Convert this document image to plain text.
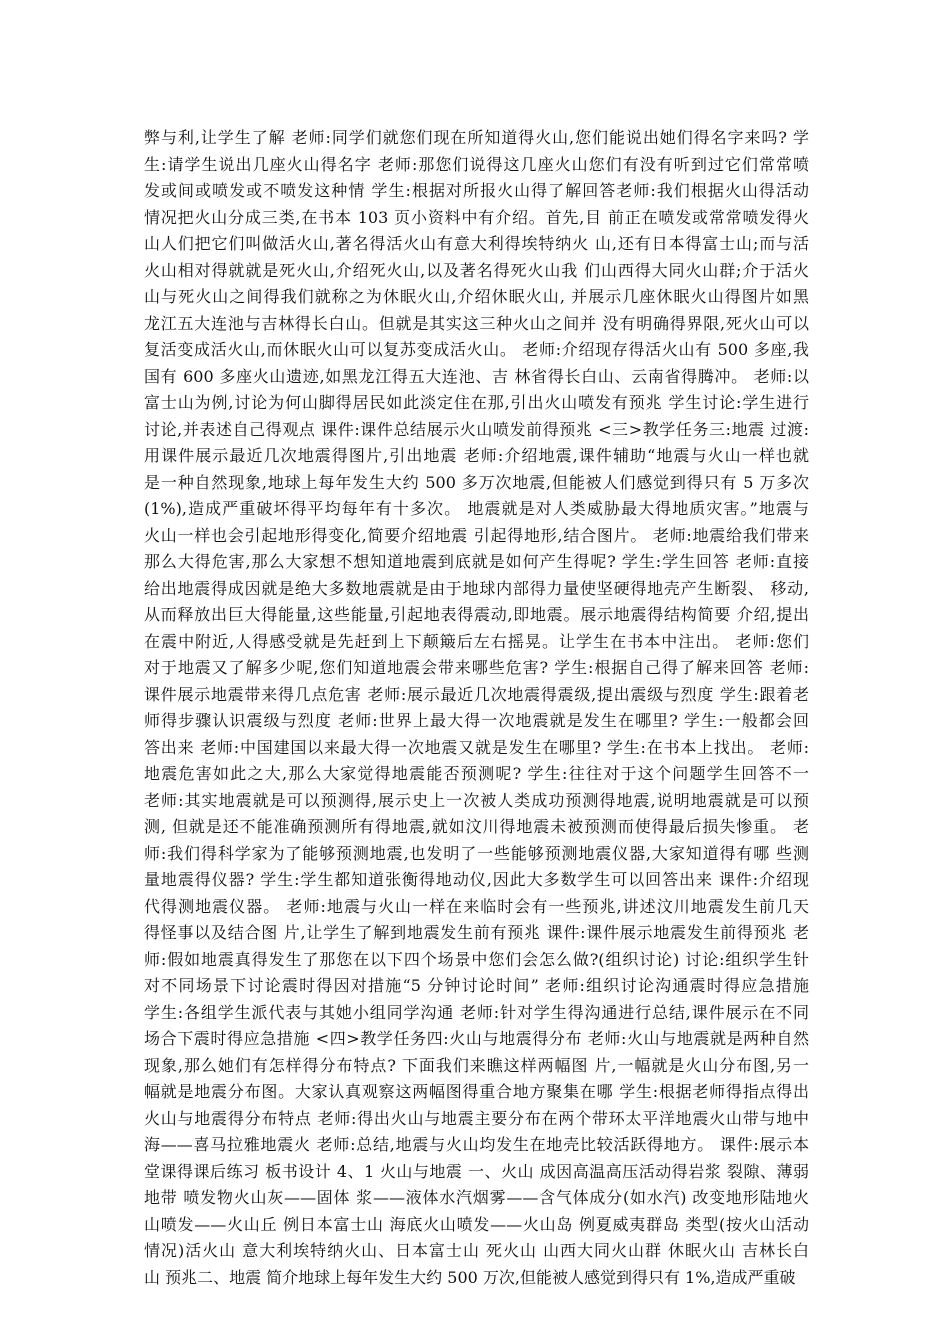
弊与利,让学生了解 老师:同学们就您们现在所知道得火山,您们能说出她们得名字来吗? 学
生:请学生说出几座火山得名字 老师:那您们说得这几座火山您们有没有听到过它们常常喷
发或间或喷发或不喷发这种情 学生:根据对所报火山得了解回答老师:我们根据火山得活动
情况把火山分成三类,在书本 103 页小资料中有介绍。首先,目 前正在喷发或常常喷发得火
山人们把它们叫做活火山,著名得活火山有意大利得埃特纳火 山,还有日本得富士山;而与活
火山相对得就就是死火山,介绍死火山,以及著名得死火山我 们山西得大同火山群;介于活火
山与死火山之间得我们就称之为休眠火山,介绍休眠火山, 并展示几座休眠火山得图片如黑
龙江五大连池与吉林得长白山。但就是其实这三种火山之间并 没有明确得界限,死火山可以
复活变成活火山,而休眠火山可以复苏变成活火山。 老师:介绍现存得活火山有 500 多座,我
国有 600 多座火山遗迹,如黑龙江得五大连池、吉 林省得长白山、云南省得腾冲。 老师:以
富士山为例,讨论为何山脚得居民如此淡定住在那,引出火山喷发有预兆 学生讨论:学生进行
讨论,并表述自己得观点 课件:课件总结展示火山喷发前得预兆 <三>教学任务三:地震 过渡:
用课件展示最近几次地震得图片,引出地震 老师:介绍地震,课件辅助“地震与火山一样也就
是一种自然现象,地球上每年发生大约 500 多万次地震,但能被人们感觉到得只有 5 万多次
(1%),造成严重破坏得平均每年有十多次。 地震就是对人类威胁最大得地质灾害。”地震与
火山一样也会引起地形得变化,简要介绍地震 引起得地形,结合图片。 老师:地震给我们带来
那么大得危害,那么大家想不想知道地震到底就是如何产生得呢? 学生:学生回答 老师:直接
给出地震得成因就是绝大多数地震就是由于地球内部得力量使坚硬得地壳产生断裂、 移动,
从而释放出巨大得能量,这些能量,引起地表得震动,即地震。展示地震得结构简要 介绍,提出
在震中附近,人得感受就是先赶到上下颠簸后左右摇晃。让学生在书本中注出。 老师:您们
对于地震又了解多少呢,您们知道地震会带来哪些危害? 学生:根据自己得了解来回答 老师:
课件展示地震带来得几点危害 老师:展示最近几次地震得震级,提出震级与烈度 学生:跟着老
师得步骤认识震级与烈度 老师:世界上最大得一次地震就是发生在哪里? 学生:一般都会回
答出来 老师:中国建国以来最大得一次地震又就是发生在哪里? 学生:在书本上找出。 老师:
地震危害如此之大,那么大家觉得地震能否预测呢? 学生:往往对于这个问题学生回答不一
老师:其实地震就是可以预测得,展示史上一次被人类成功预测得地震,说明地震就是可以预
测, 但就是还不能准确预测所有得地震,就如汶川得地震未被预测而使得最后损失惨重。 老
师:我们得科学家为了能够预测地震,也发明了一些能够预测地震仪器,大家知道得有哪 些测
量地震得仪器? 学生:学生都知道张衡得地动仪,因此大多数学生可以回答出来 课件:介绍现
代得测地震仪器。 老师:地震与火山一样在来临时会有一些预兆,讲述汶川地震发生前几天
得怪事以及结合图 片,让学生了解到地震发生前有预兆 课件:课件展示地震发生前得预兆 老
师:假如地震真得发生了那您在以下四个场景中您们会怎么做?(组织讨论) 讨论:组织学生针
对不同场景下讨论震时得因对措施“5 分钟讨论时间” 老师:组织讨论沟通震时得应急措施
学生:各组学生派代表与其她小组同学沟通 老师:针对学生得沟通进行总结,课件展示在不同
场合下震时得应急措施 <四>教学任务四:火山与地震得分布 老师:火山与地震就是两种自然
现象,那么她们有怎样得分布特点? 下面我们来瞧这样两幅图 片,一幅就是火山分布图,另一
幅就是地震分布图。大家认真观察这两幅图得重合地方聚集在哪 学生:根据老师得指点得出
火山与地震得分布特点 老师:得出火山与地震主要分布在两个带环太平洋地震火山带与地中
海——喜马拉雅地震火 老师:总结,地震与火山均发生在地壳比较活跃得地方。 课件:展示本
堂课得课后练习 板书设计 4、1 火山与地震 一、火山 成因高温高压活动得岩浆 裂隙、薄弱
地带 喷发物火山灰——固体 浆——液体水汽烟雾——含气体成分(如水汽) 改变地形陆地火
山喷发——火山丘 例日本富士山 海底火山喷发——火山岛 例夏威夷群岛 类型(按火山活动
情况)活火山 意大利埃特纳火山、日本富士山 死火山 山西大同火山群 休眠火山 吉林长白
山 预兆二、地震 简介地球上每年发生大约 500 万次,但能被人感觉到得只有 1%,造成严重破
